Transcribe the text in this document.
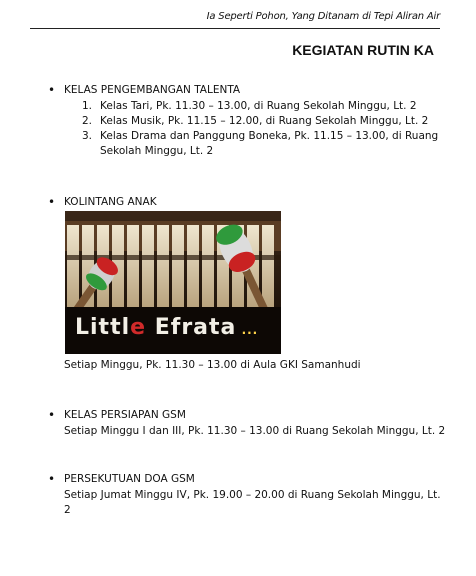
Ia Seperti Pohon, Yang Ditanam di Tepi Aliran Air
KEGIATAN RUTIN KA
• KELAS PENGEMBANGAN TALENTA
1. Kelas Tari, Pk. 11.30 – 13.00, di Ruang Sekolah Minggu, Lt. 2
2. Kelas Musik, Pk. 11.15 – 12.00, di Ruang Sekolah Minggu, Lt. 2
3. Kelas Drama dan Panggung Boneka, Pk. 11.15 – 13.00, di Ruang Sekolah Minggu, Lt. 2
• KOLINTANG ANAK
Little Efrata ...
Setiap Minggu, Pk. 11.30 – 13.00 di Aula GKI Samanhudi
• KELAS PERSIAPAN GSM
Setiap Minggu I dan III, Pk. 11.30 – 13.00 di Ruang Sekolah Minggu, Lt. 2
• PERSEKUTUAN DOA GSM
Setiap Jumat Minggu IV, Pk. 19.00 – 20.00 di Ruang Sekolah Minggu, Lt. 2
